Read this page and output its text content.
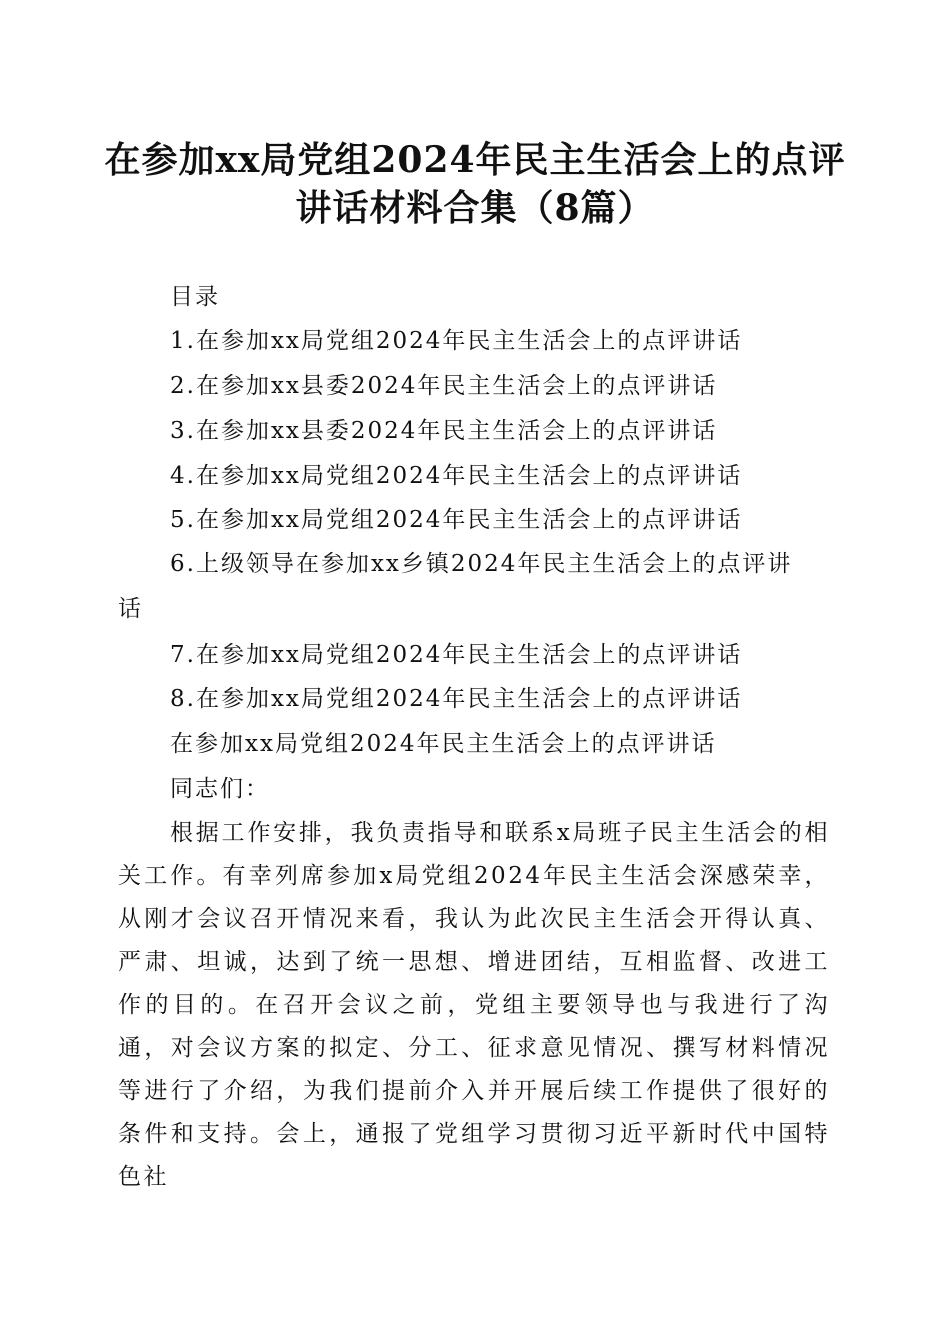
在参加xx局党组2024年民主生活会上的点评
讲话材料合集（8篇）
目录
1.在参加xx局党组2024年民主生活会上的点评讲话
2.在参加xx县委2024年民主生活会上的点评讲话
3.在参加xx县委2024年民主生活会上的点评讲话
4.在参加xx局党组2024年民主生活会上的点评讲话
5.在参加xx局党组2024年民主生活会上的点评讲话
6.上级领导在参加xx乡镇2024年民主生活会上的点评讲
话
7.在参加xx局党组2024年民主生活会上的点评讲话
8.在参加xx局党组2024年民主生活会上的点评讲话
在参加xx局党组2024年民主生活会上的点评讲话
同志们：
根据工作安排，我负责指导和联系x局班子民主生活会的相关工作。有幸列席参加x局党组2024年民主生活会深感荣幸，从刚才会议召开情况来看，我认为此次民主生活会开得认真、严肃、坦诚，达到了统一思想、增进团结，互相监督、改进工作的目的。在召开会议之前，党组主要领导也与我进行了沟通，对会议方案的拟定、分工、征求意见情况、撰写材料情况等进行了介绍，为我们提前介入并开展后续工作提供了很好的条件和支持。会上，通报了党组学习贯彻习近平新时代中国特色社
